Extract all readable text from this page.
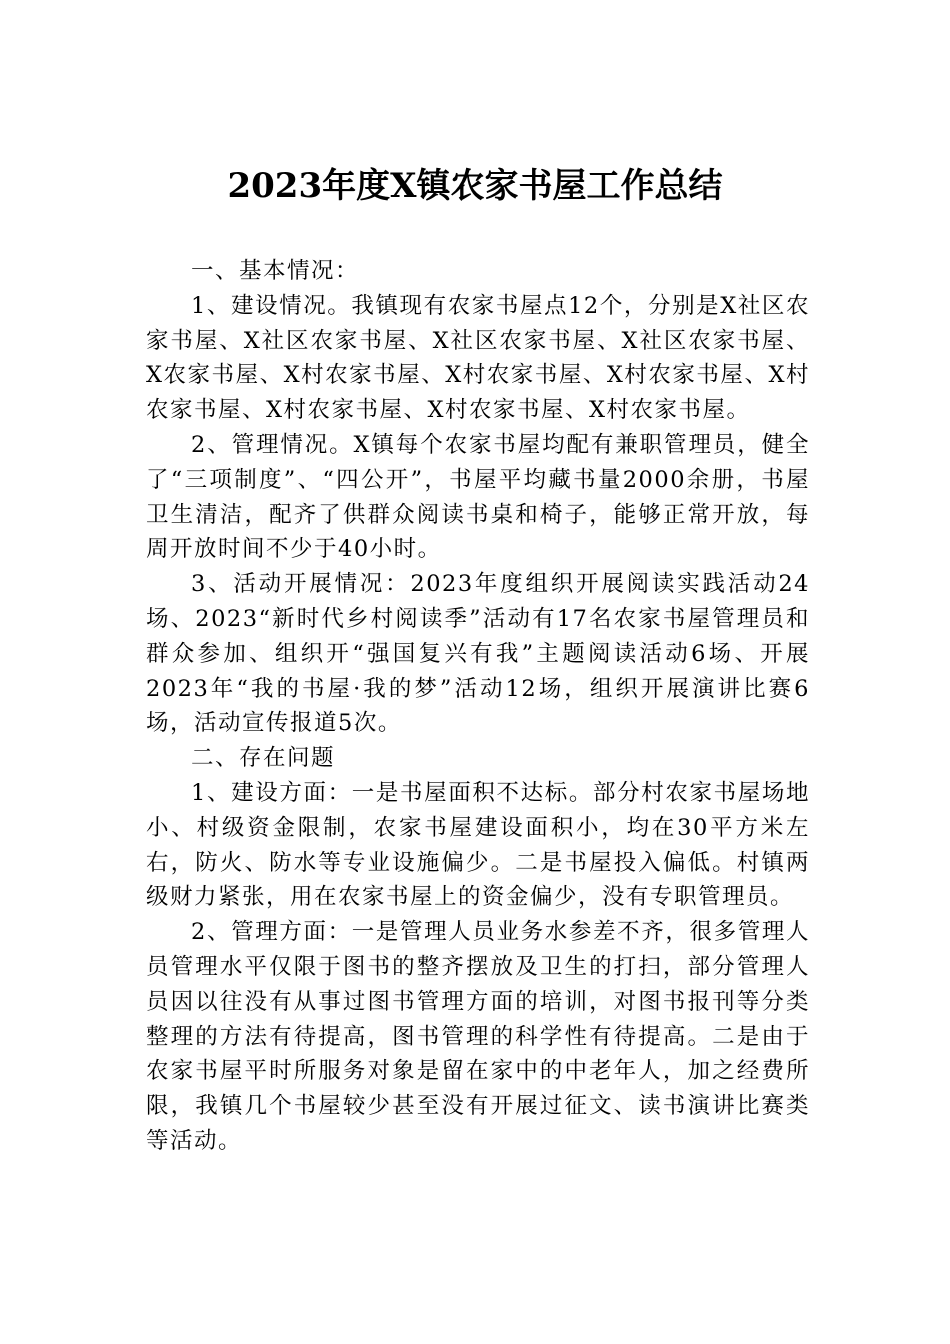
2023年度X镇农家书屋工作总结

一、基本情况：

1、建设情况。我镇现有农家书屋点12个，分别是X社区农家书屋、X社区农家书屋、X社区农家书屋、X社区农家书屋、X农家书屋、X村农家书屋、X村农家书屋、X村农家书屋、X村农家书屋、X村农家书屋、X村农家书屋、X村农家书屋。

2、管理情况。X镇每个农家书屋均配有兼职管理员，健全了“三项制度”、“四公开”，书屋平均藏书量2000余册，书屋卫生清洁，配齐了供群众阅读书桌和椅子，能够正常开放，每周开放时间不少于40小时。

3、活动开展情况：2023年度组织开展阅读实践活动24场、2023“新时代乡村阅读季”活动有17名农家书屋管理员和群众参加、组织开“强国复兴有我”主题阅读活动6场、开展2023年“我的书屋·我的梦”活动12场，组织开展演讲比赛6场，活动宣传报道5次。

二、存在问题

1、建设方面：一是书屋面积不达标。部分村农家书屋场地小、村级资金限制，农家书屋建设面积小，均在30平方米左右，防火、防水等专业设施偏少。二是书屋投入偏低。村镇两级财力紧张，用在农家书屋上的资金偏少，没有专职管理员。

2、管理方面：一是管理人员业务水参差不齐，很多管理人员管理水平仅限于图书的整齐摆放及卫生的打扫，部分管理人员因以往没有从事过图书管理方面的培训，对图书报刊等分类整理的方法有待提高，图书管理的科学性有待提高。二是由于农家书屋平时所服务对象是留在家中的中老年人，加之经费所限，我镇几个书屋较少甚至没有开展过征文、读书演讲比赛类等活动。
